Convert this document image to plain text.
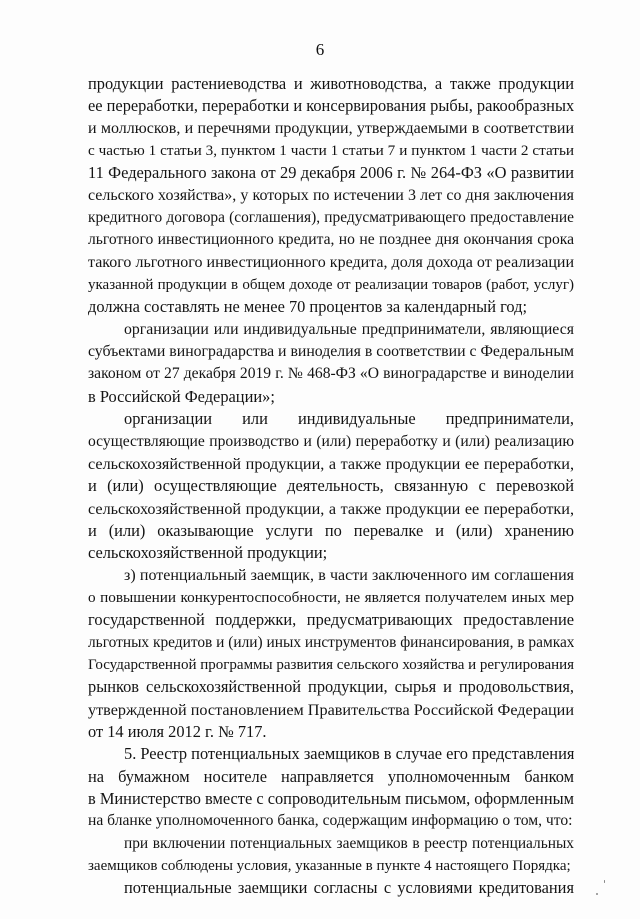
6
продукции растениеводства и животноводства, а также продукции
ее переработки, переработки и консервирования рыбы, ракообразных
и моллюсков, и перечнями продукции, утверждаемыми в соответствии
с частью 1 статьи 3, пунктом 1 части 1 статьи 7 и пунктом 1 части 2 статьи
11 Федерального закона от 29 декабря 2006 г. № 264-ФЗ «О развитии
сельского хозяйства», у которых по истечении 3 лет со дня заключения
кредитного договора (соглашения), предусматривающего предоставление
льготного инвестиционного кредита, но не позднее дня окончания срока
такого льготного инвестиционного кредита, доля дохода от реализации
указанной продукции в общем доходе от реализации товаров (работ, услуг)
должна составлять не менее 70 процентов за календарный год;
организации или индивидуальные предприниматели, являющиеся
субъектами виноградарства и виноделия в соответствии с Федеральным
законом от 27 декабря 2019 г. № 468-ФЗ «О виноградарстве и виноделии
в Российской Федерации»;
организации или индивидуальные предприниматели,
осуществляющие производство и (или) переработку и (или) реализацию
сельскохозяйственной продукции, а также продукции ее переработки,
и (или) осуществляющие деятельность, связанную с перевозкой
сельскохозяйственной продукции, а также продукции ее переработки,
и (или) оказывающие услуги по перевалке и (или) хранению
сельскохозяйственной продукции;
з) потенциальный заемщик, в части заключенного им соглашения
о повышении конкурентоспособности, не является получателем иных мер
государственной поддержки, предусматривающих предоставление
льготных кредитов и (или) иных инструментов финансирования, в рамках
Государственной программы развития сельского хозяйства и регулирования
рынков сельскохозяйственной продукции, сырья и продовольствия,
утвержденной постановлением Правительства Российской Федерации
от 14 июля 2012 г. № 717.
5. Реестр потенциальных заемщиков в случае его представления
на бумажном носителе направляется уполномоченным банком
в Министерство вместе с сопроводительным письмом, оформленным
на бланке уполномоченного банка, содержащим информацию о том, что:
при включении потенциальных заемщиков в реестр потенциальных
заемщиков соблюдены условия, указанные в пункте 4 настоящего Порядка;
потенциальные заемщики согласны с условиями кредитования
